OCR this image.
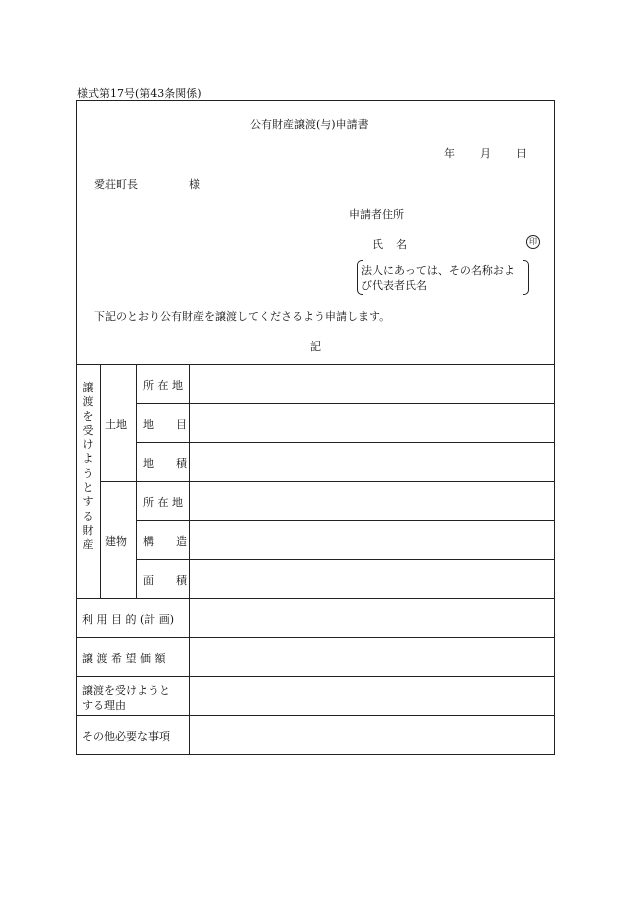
様式第17号(第43条関係)
公有財産譲渡(与)申請書
年 月 日
愛荘町長	様
申請者住所
氏 名	印
法人にあっては、その名称およ
び代表者氏名
下記のとおり公有財産を譲渡してくださるよう申請します。
記
譲
渡
を
受
け
よ
う
と
す
る
財
産
土地
所 在 地
地　　目
地　　積
建物
所 在 地
構　　造
面　　積
利 用 目 的 (計 画)
譲 渡 希 望 価 額
譲渡を受けようと
する理由
その他必要な事項
